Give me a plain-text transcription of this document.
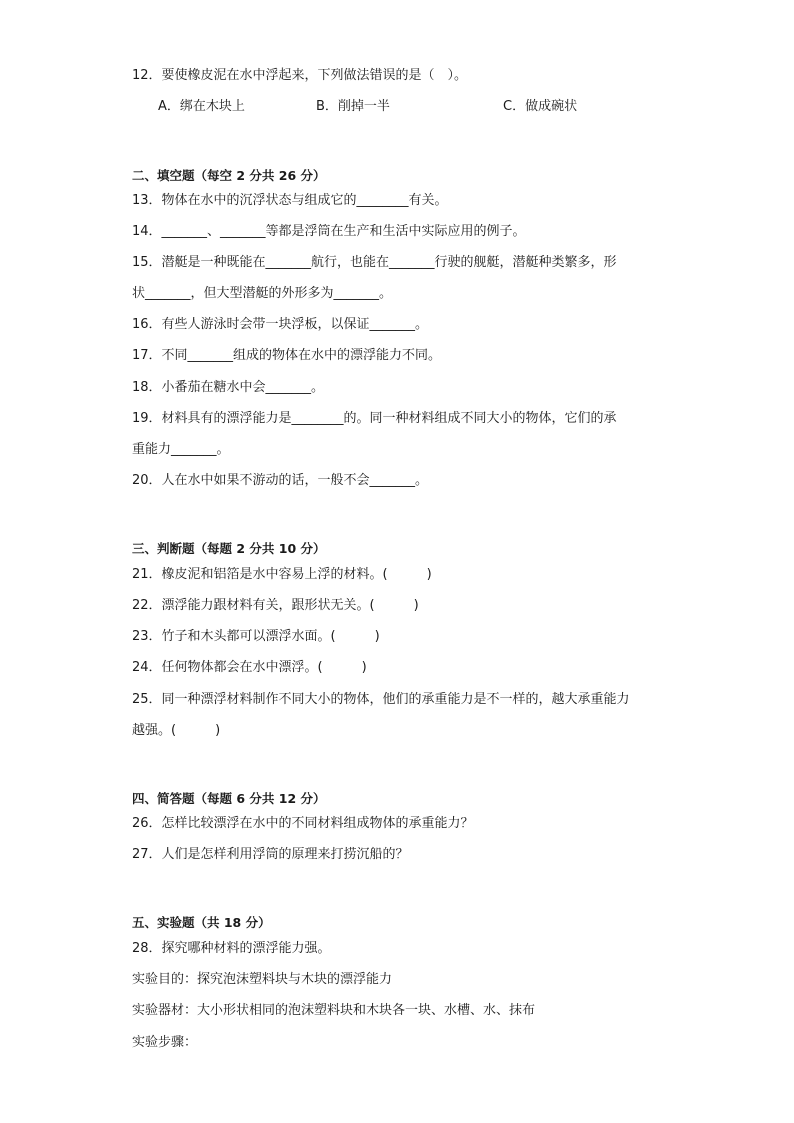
12．要使橡皮泥在水中浮起来，下列做法错误的是（　）。
A．绑在木块上	B．削掉一半	C．做成碗状
二、填空题（每空 2 分共 26 分）
13．物体在水中的沉浮状态与组成它的________有关。
14．_______、_______等都是浮筒在生产和生活中实际应用的例子。
15．潜艇是一种既能在_______航行，也能在_______行驶的舰艇，潜艇种类繁多，形
状_______，但大型潜艇的外形多为_______。
16．有些人游泳时会带一块浮板，以保证_______。
17．不同_______组成的物体在水中的漂浮能力不同。
18．小番茄在糖水中会_______。
19．材料具有的漂浮能力是________的。同一种材料组成不同大小的物体，它们的承
重能力_______。
20．人在水中如果不游动的话，一般不会_______。
三、判断题（每题 2 分共 10 分）
21．橡皮泥和铝箔是水中容易上浮的材料。(　　　)
22．漂浮能力跟材料有关，跟形状无关。(　　　)
23．竹子和木头都可以漂浮水面。(　　　)
24．任何物体都会在水中漂浮。(　　　)
25．同一种漂浮材料制作不同大小的物体，他们的承重能力是不一样的，越大承重能力
越强。(　　　)
四、简答题（每题 6 分共 12 分）
26．怎样比较漂浮在水中的不同材料组成物体的承重能力？
27．人们是怎样利用浮筒的原理来打捞沉船的？
五、实验题（共 18 分）
28．探究哪种材料的漂浮能力强。
实验目的：探究泡沫塑料块与木块的漂浮能力
实验器材：大小形状相同的泡沫塑料块和木块各一块、水槽、水、抹布
实验步骤：
